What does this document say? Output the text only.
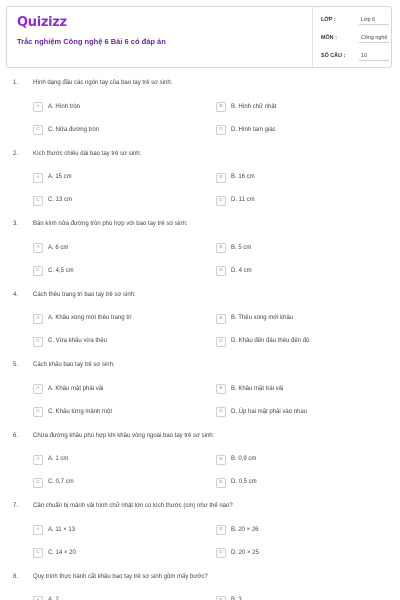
Quizizz
Trắc nghiệm Công nghệ 6 Bài 6 có đáp án
LỚP :	Lớp 6
MÔN :	Công nghệ
SỐ CÂU :	10
1. Hình dạng đầu các ngón tay của bao tay trẻ sơ sinh:
A	A. Hình tròn	B	B. Hình chữ nhật
C	C. Nửa đường tròn	D	D. Hình tam giác
2. Kích thước chiều dài bao tay trẻ sơ sinh:
A	A. 15 cm	B	B. 16 cm
C	C. 13 cm	D	D. 11 cm
3. Bán kính nửa đường tròn phù hợp với bao tay trẻ sơ sinh:
A	A. 6 cm	B	B. 5 cm
C	C. 4,5 cm	D	D. 4 cm
4. Cách thêu trang trí bao tay trẻ sơ sinh:
A	A. Khâu xong mới thêu trang trí	B	B. Thêu xong mới khâu
C	C. Vừa khâu vừa thêu	D	D. Khâu đến đâu thêu đến đó
5. Cách khâu bao tay trẻ sơ sinh:
A	A. Khâu mặt phải vải	B	B. Khâu mặt trái vải
C	C. Khâu từng mảnh một	D	D. Úp hai mặt phải vào nhau
6. Chừa đường khâu phù hợp khi khâu vòng ngoài bao tay trẻ sơ sinh:
A	A. 1 cm	B	B. 0,9 cm
C	C. 0,7 cm	D	D. 0,5 cm
7. Cần chuẩn bị mảnh vải hình chữ nhật lớn có kích thước (cm) như thế nào?
A	A. 11 × 13	B	B. 20 × 26
C	C. 14 × 20	D	D. 20 × 25
8. Quy trình thực hành cắt khâu bao tay trẻ sơ sinh gồm mấy bước?
A	A. 2	B	B. 3
